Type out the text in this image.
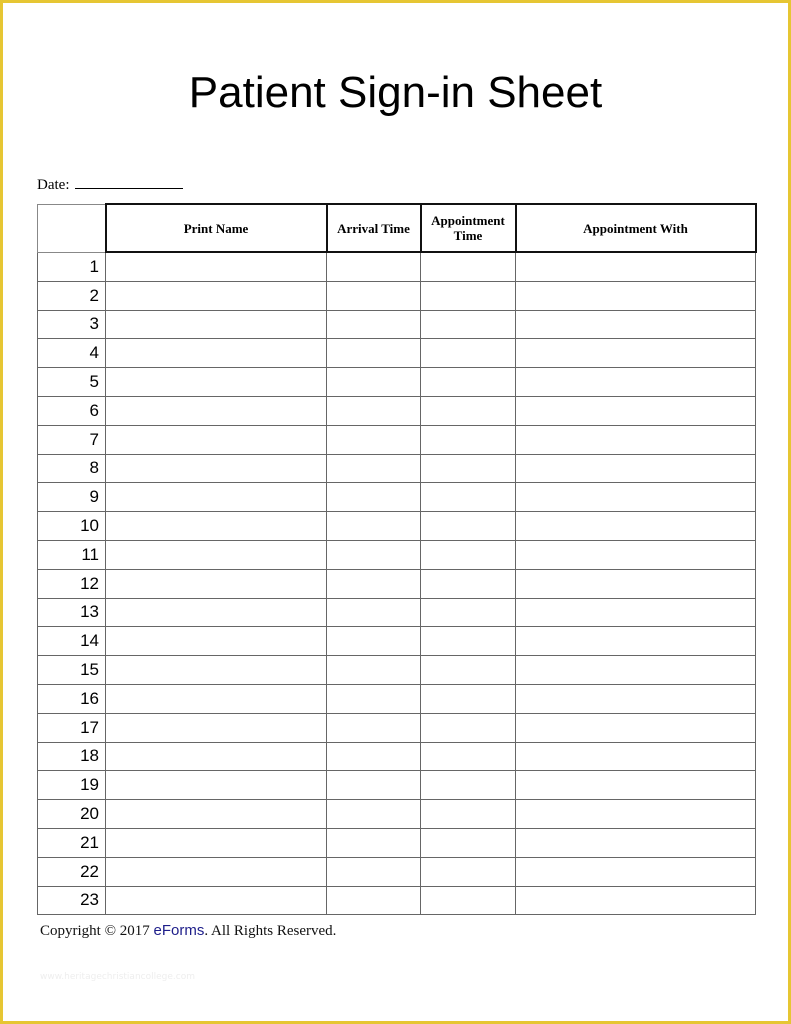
Patient Sign-in Sheet
Date:
	Print Name	Arrival Time	Appointment Time	Appointment With
1				
2				
3				
4				
5				
6				
7				
8				
9				
10				
11				
12				
13				
14				
15				
16				
17				
18				
19				
20				
21				
22				
23				
Copyright © 2017 eForms. All Rights Reserved.
www.heritagechristiancollege.com
